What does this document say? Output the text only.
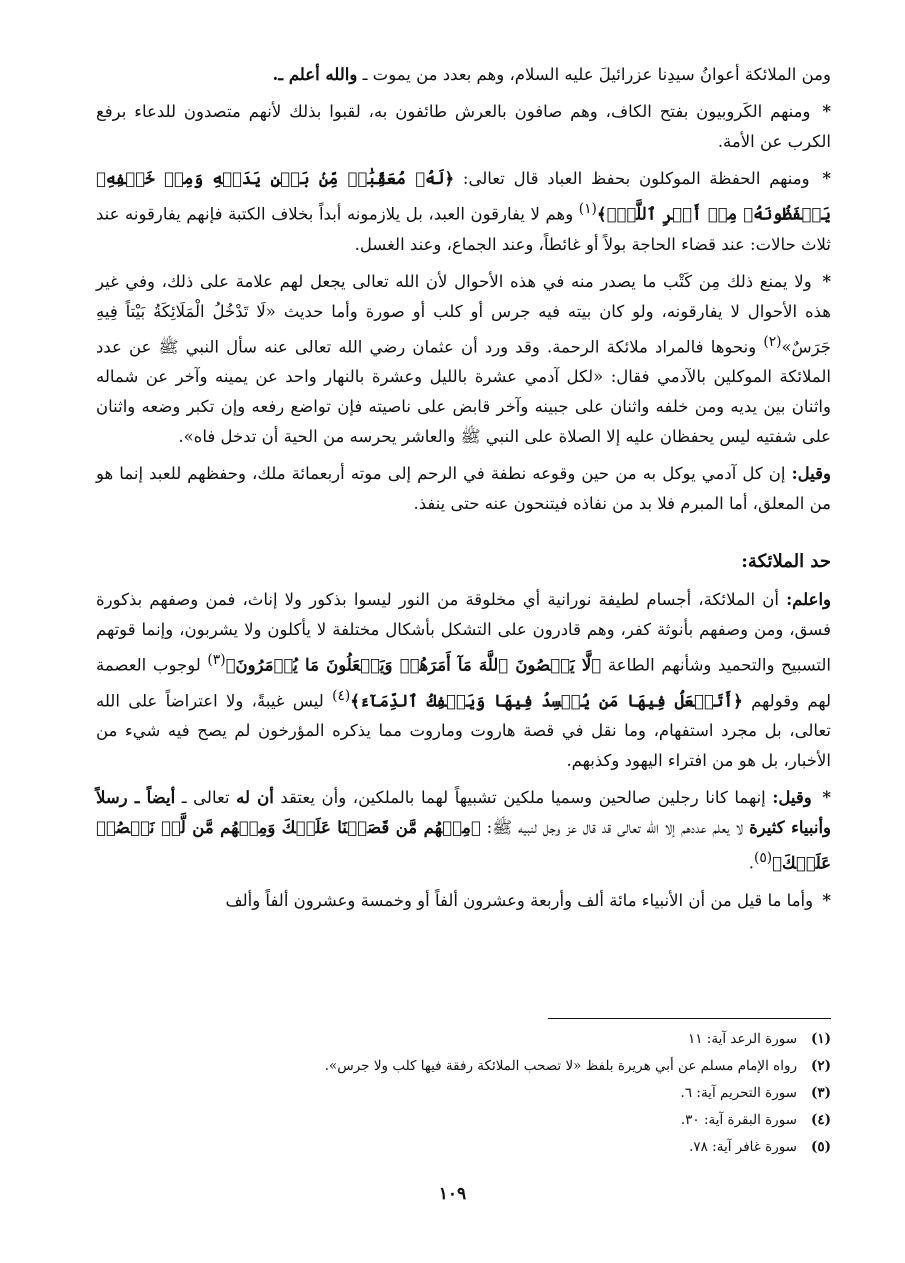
ومن الملائكة أعوانُ سيدِنا عزرائيلَ عليه السلام، وهم بعدد من يموت ـ والله أعلم ـ.

* ومنهم الكَروبيون بفتح الكاف، وهم صافون بالعرش طائفون به، لقبوا بذلك لأنهم متصدون للدعاء برفع الكرب عن الأمة.

* ومنهم الحفظة الموكلون بحفظ العباد قال تعالى: ﴿لَهُۥ مُعَقِّبَٰتٞ مِّنۢ بَيۡنِ يَدَيۡهِ وَمِنۡ خَلۡفِهِۦ يَحۡفَظُونَهُۥ مِنۡ أَمۡرِ ٱللَّهِۗ﴾$^{(١)}$ وهم لا يفارقون العبد، بل يلازمونه أبداً بخلاف الكتبة فإنهم يفارقونه عند ثلاث حالات: عند قضاء الحاجة بولاً أو غائطاً، وعند الجماع، وعند الغسل.

* ولا يمنع ذلك مِن كَتْب ما يصدر منه في هذه الأحوال لأن الله تعالى يجعل لهم علامة على ذلك، وفي غير هذه الأحوال لا يفارقونه، ولو كان بيته فيه جرس أو كلب أو صورة وأما حديث «لَا تَدْخُلُ الْمَلَائِكَةُ بَيْتاً فِيهِ جَرَسٌ»$^{(٢)}$ ونحوها فالمراد ملائكة الرحمة. وقد ورد أن عثمان رضي الله تعالى عنه سأل النبي ﷺ عن عدد الملائكة الموكلين بالآدمي فقال: «لكل آدمي عشرة بالليل وعشرة بالنهار واحد عن يمينه وآخر عن شماله واثنان بين يديه ومن خلفه واثنان على جبينه وآخر قابض على ناصيته فإن تواضع رفعه وإن تكبر وضعه واثنان على شفتيه ليس يحفظان عليه إلا الصلاة على النبي ﷺ والعاشر يحرسه من الحية أن تدخل فاه».

وقيل: إن كل آدمي يوكل به من حين وقوعه نطفة في الرحم إلى موته أربعمائة ملك، وحفظهم للعبد إنما هو من المعلق، أما المبرم فلا بد من نفاذه فيتنحون عنه حتى ينفذ.

حد الملائكة:

واعلم: أن الملائكة، أجسام لطيفة نورانية أي مخلوقة من النور ليسوا بذكور ولا إناث، فمن وصفهم بذكورة فسق، ومن وصفهم بأنوثة كفر، وهم قادرون على التشكل بأشكال مختلفة لا يأكلون ولا يشربون، وإنما قوتهم التسبيح والتحميد وشأنهم الطاعة ﴿لَّا يَعۡصُونَ ٱللَّهَ مَآ أَمَرَهُمۡ وَيَفۡعَلُونَ مَا يُؤۡمَرُونَ﴾$^{(٣)}$ لوجوب العصمة لهم وقولهم ﴿أَتَجۡعَلُ فِيهَا مَن يُفۡسِدُ فِيهَا وَيَسۡفِكُ ٱلدِّمَآءَ﴾$^{(٤)}$ ليس غيبةً، ولا اعتراضاً على الله تعالى، بل مجرد استفهام، وما نقل في قصة هاروت وماروت مما يذكره المؤرخون لم يصح فيه شيء من الأخبار، بل هو من افتراء اليهود وكذبهم.

* وقيل: إنهما كانا رجلين صالحين وسميا ملكين تشبيهاً لهما بالملكين، وأن يعتقد أن له تعالى ـ أيضاً ـ رسلاً وأنبياء كثيرة لا يعلم عددهم إلا الله تعالى قد قال عز وجل لنبيه ﷺ: ﴿مِنۡهُم مَّن قَصَصۡنَا عَلَيۡكَ وَمِنۡهُم مَّن لَّمۡ نَقۡصُصۡ عَلَيۡكَ﴾$^{(٥)}$.

* وأما ما قيل من أن الأنبياء مائة ألف وأربعة وعشرون ألفاً أو وخمسة وعشرون ألفاً وألف

(١)سورة الرعد آية: ١١
(٢)رواه الإمام مسلم عن أبي هريرة بلفظ «لا تصحب الملائكة رفقة فيها كلب ولا جرس».
(٣)سورة التحريم آية: ٦.
(٤)سورة البقرة آية: ٣٠.
(٥)سورة غافر آية: ٧٨.
١٠٩
